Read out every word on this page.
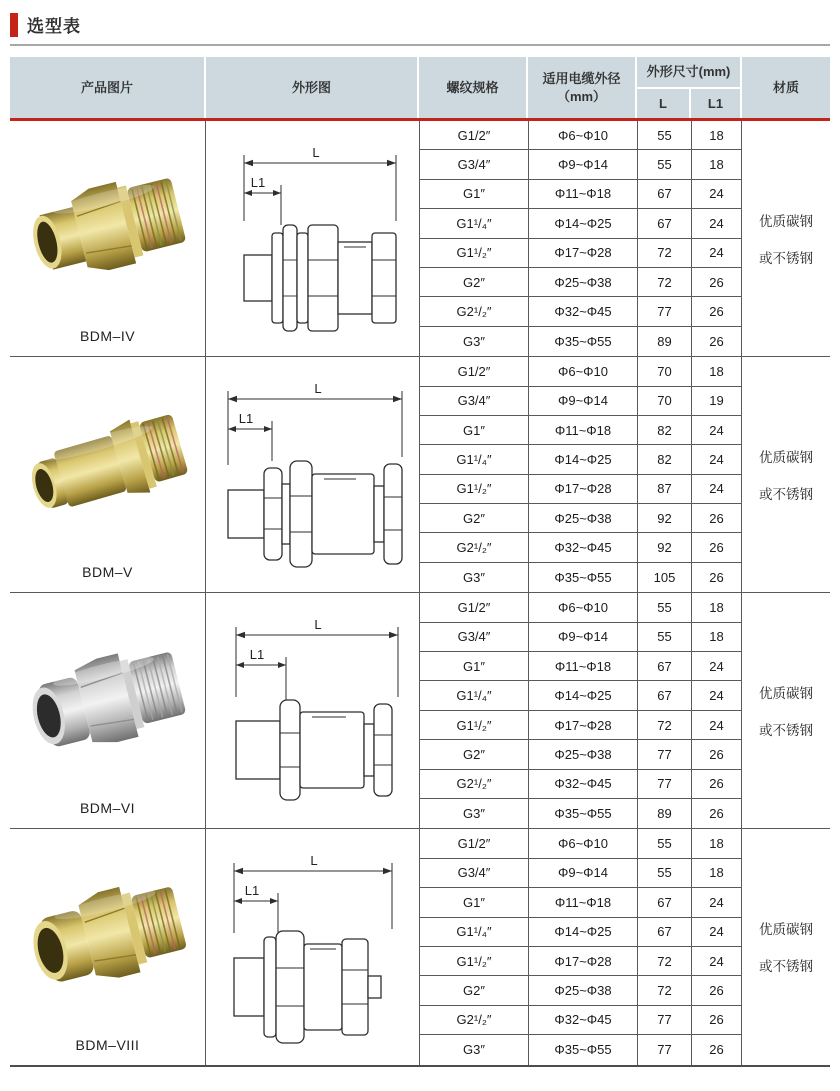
选型表
产品图片	外形图	螺纹规格
适用电缆外径
（mm）
外形尺寸(mm)
L	L1
材质
BDM–IV
L
L1
优质碳钢
或不锈钢
G1/2″	Φ6~Φ10	55	18
G3/4″	Φ9~Φ14	55	18
G1″	Φ11~Φ18	67	24
G1¹/₄″	Φ14~Φ25	67	24
G1¹/₂″	Φ17~Φ28	72	24
G2″	Φ25~Φ38	72	26
G2¹/₂″	Φ32~Φ45	77	26
G3″	Φ35~Φ55	89	26
BDM–V
L
L1
优质碳钢
或不锈钢
G1/2″	Φ6~Φ10	70	18
G3/4″	Φ9~Φ14	70	19
G1″	Φ11~Φ18	82	24
G1¹/₄″	Φ14~Φ25	82	24
G1¹/₂″	Φ17~Φ28	87	24
G2″	Φ25~Φ38	92	26
G2¹/₂″	Φ32~Φ45	92	26
G3″	Φ35~Φ55	105	26
BDM–VI
L
L1
优质碳钢
或不锈钢
G1/2″	Φ6~Φ10	55	18
G3/4″	Φ9~Φ14	55	18
G1″	Φ11~Φ18	67	24
G1¹/₄″	Φ14~Φ25	67	24
G1¹/₂″	Φ17~Φ28	72	24
G2″	Φ25~Φ38	77	26
G2¹/₂″	Φ32~Φ45	77	26
G3″	Φ35~Φ55	89	26
BDM–VIII
L
L1
优质碳钢
或不锈钢
G1/2″	Φ6~Φ10	55	18
G3/4″	Φ9~Φ14	55	18
G1″	Φ11~Φ18	67	24
G1¹/₄″	Φ14~Φ25	67	24
G1¹/₂″	Φ17~Φ28	72	24
G2″	Φ25~Φ38	72	26
G2¹/₂″	Φ32~Φ45	77	26
G3″	Φ35~Φ55	77	26
